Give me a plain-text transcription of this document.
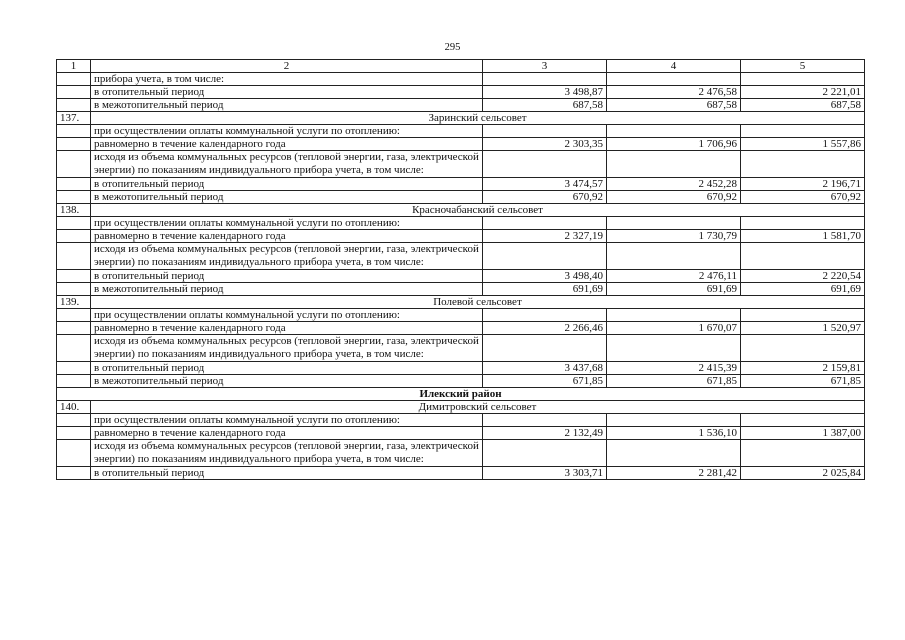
295
1	2	3	4	5
	прибора учета, в том числе:			
	в отопительный период	3 498,87	2 476,58	2 221,01
	в межотопительный период	687,58	687,58	687,58
137.	Заринский сельсовет			
	при осуществлении оплаты коммунальной услуги по отоплению:			
	равномерно в течение календарного года	2 303,35	1 706,96	1 557,86
	исходя из объема коммунальных ресурсов (тепловой энергии, газа, электрической энергии) по показаниям индивидуального прибора учета, в том числе:			
	в отопительный период	3 474,57	2 452,28	2 196,71
	в межотопительный период	670,92	670,92	670,92
138.	Красночабанский сельсовет			
	при осуществлении оплаты коммунальной услуги по отоплению:			
	равномерно в течение календарного года	2 327,19	1 730,79	1 581,70
	исходя из объема коммунальных ресурсов (тепловой энергии, газа, электрической энергии) по показаниям индивидуального прибора учета, в том числе:			
	в отопительный период	3 498,40	2 476,11	2 220,54
	в межотопительный период	691,69	691,69	691,69
139.	Полевой сельсовет			
	при осуществлении оплаты коммунальной услуги по отоплению:			
	равномерно в течение календарного года	2 266,46	1 670,07	1 520,97
	исходя из объема коммунальных ресурсов (тепловой энергии, газа, электрической энергии) по показаниям индивидуального прибора учета, в том числе:			
	в отопительный период	3 437,68	2 415,39	2 159,81
	в межотопительный период	671,85	671,85	671,85
Илекский район				
140.	Димитровский сельсовет			
	при осуществлении оплаты коммунальной услуги по отоплению:			
	равномерно в течение календарного года	2 132,49	1 536,10	1 387,00
	исходя из объема коммунальных ресурсов (тепловой энергии, газа, электрической энергии) по показаниям индивидуального прибора учета, в том числе:			
	в отопительный период	3 303,71	2 281,42	2 025,84
